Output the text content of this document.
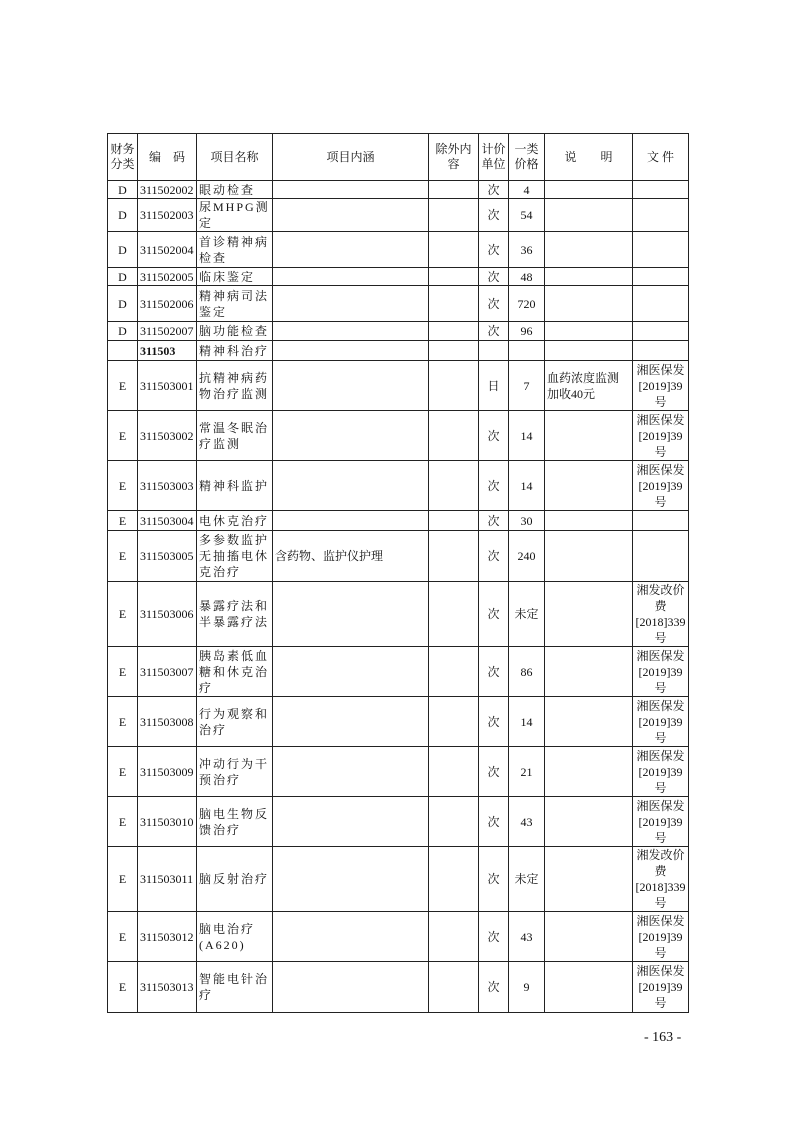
财务分类	编　码	项目名称	项目内涵	除外内容	计价单位	一类价格	说　　明	文 件
D	311502002	眼动检查			次	4		
D	311502003	尿MHPG测定			次	54		
D	311502004	首诊精神病检查			次	36		
D	311502005	临床鉴定			次	48		
D	311502006	精神病司法鉴定			次	720		
D	311502007	脑功能检查			次	96		
	311503	精神科治疗						
E	311503001	抗精神病药物治疗监测			日	7	血药浓度监测加收40元	湘医保发[2019]39号
E	311503002	常温冬眠治疗监测			次	14		湘医保发[2019]39号
E	311503003	精神科监护			次	14		湘医保发[2019]39号
E	311503004	电休克治疗			次	30		
E	311503005	多参数监护无抽搐电休克治疗	含药物、监护仪护理		次	240		
E	311503006	暴露疗法和半暴露疗法			次	未定		湘发改价费[2018]339号
E	311503007	胰岛素低血糖和休克治疗			次	86		湘医保发[2019]39号
E	311503008	行为观察和治疗			次	14		湘医保发[2019]39号
E	311503009	冲动行为干预治疗			次	21		湘医保发[2019]39号
E	311503010	脑电生物反馈治疗			次	43		湘医保发[2019]39号
E	311503011	脑反射治疗			次	未定		湘发改价费[2018]339号
E	311503012	脑电治疗(A620)			次	43		湘医保发[2019]39号
E	311503013	智能电针治疗			次	9		湘医保发[2019]39号
- 163 -
